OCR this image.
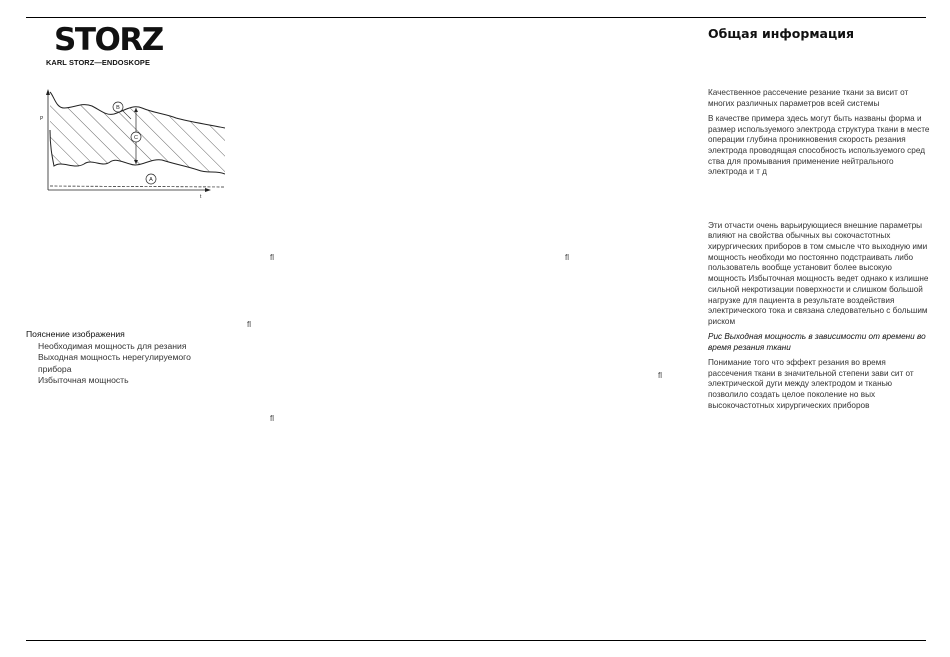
STORZ
KARL STORZ—ENDOSKOPE
Общая информация
P
t
B
C
A
ﬂ	ﬂ
ﬂ
ﬂ
ﬂ
Пояснение изображения
Необходимая мощность для резания
Выходная мощность нерегулируемого
прибора
Избыточная мощность

Качественное рассечение резание ткани за висит от многих различных параметров всей системы

В качестве примера здесь могут быть названы форма и размер используемого электрода структура ткани в месте операции глубина проникновения скорость резания электрода проводящая способность используемого сред ства для промывания применение нейтрального электрода и т д

Эти отчасти очень варьирующиеся внешние параметры влияют на свойства обычных вы сокочастотных хирургических приборов в том смысле что выходную ими мощность необходи мо постоянно подстраивать либо пользователь вообще установит более высокую мощность Избыточная мощность ведет однако к излишне сильной некротизации поверхности и слишком большой нагрузке для пациента в результате воздействия электрического тока и связана следовательно с большим риском

Рис Выходная мощность в зависимости от времени во время резания ткани

Понимание того что эффект резания во время рассечения ткани в значительной степени зави сит от электрической дуги между электродом и тканью позволило создать целое поколение но вых высокочастотных хирургических приборов
